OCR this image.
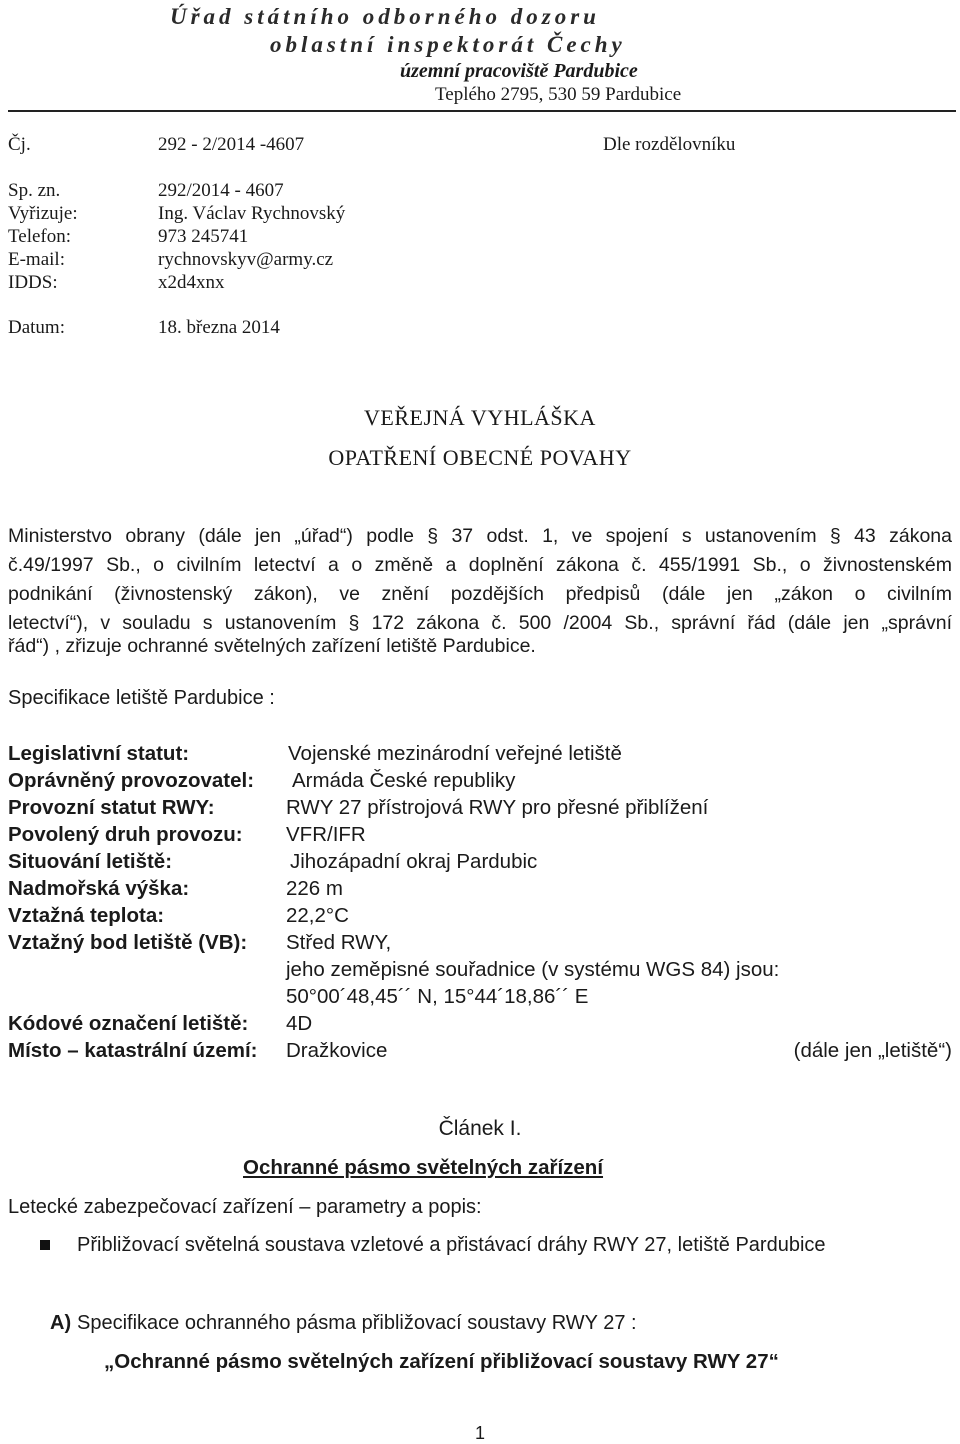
Úřad státního odborného dozoru
oblastní inspektorát Čechy
územní pracoviště Pardubice
Teplého 2795, 530 59 Pardubice
Čj.	292 - 2/2014 -4607	Dle rozdělovníku
Sp. zn.	292/2014 - 4607
Vyřizuje:	Ing. Václav Rychnovský
Telefon:	973 245741
E-mail:	rychnovskyv@army.cz
IDDS:	x2d4xnx
Datum:	18. března 2014
VEŘEJNÁ VYHLÁŠKA
OPATŘENÍ OBECNÉ POVAHY
Ministerstvo obrany (dále jen „úřad“) podle § 37 odst. 1, ve spojení s ustanovením § 43 zákona
č.49/1997 Sb., o civilním letectví a o změně a doplnění zákona č. 455/1991 Sb., o živnostenském
podnikání (živnostenský zákon), ve znění pozdějších předpisů (dále jen „zákon o civilním
letectví“), v souladu s ustanovením § 172 zákona č. 500 /2004 Sb., správní řád (dále jen „správní
řád“) , zřizuje ochranné světelných zařízení letiště Pardubice.
Specifikace letiště Pardubice :
Legislativní statut:	Vojenské mezinárodní veřejné letiště
Oprávněný provozovatel: Armáda České republiky
Provozní statut RWY:	RWY 27 přístrojová RWY pro přesné přiblížení
Povolený druh provozu: VFR/IFR
Situování letiště:	Jihozápadní okraj Pardubic
Nadmořská výška:	226 m
Vztažná teplota:	22,2°C
Vztažný bod letiště (VB): Střed RWY,
jeho zeměpisné souřadnice (v systému WGS 84) jsou:
50°00´48,45´´ N, 15°44´18,86´´ E
Kódové označení letiště: 4D
Místo – katastrální území: Dražkovice	(dále jen „letiště“)
Článek I.
Ochranné pásmo světelných zařízení
Letecké zabezpečovací zařízení – parametry a popis:
Přibližovací světelná soustava vzletové a přistávací dráhy RWY 27, letiště Pardubice
A) Specifikace ochranného pásma přibližovací soustavy RWY 27 :
„Ochranné pásmo světelných zařízení přibližovací soustavy RWY 27“
1
